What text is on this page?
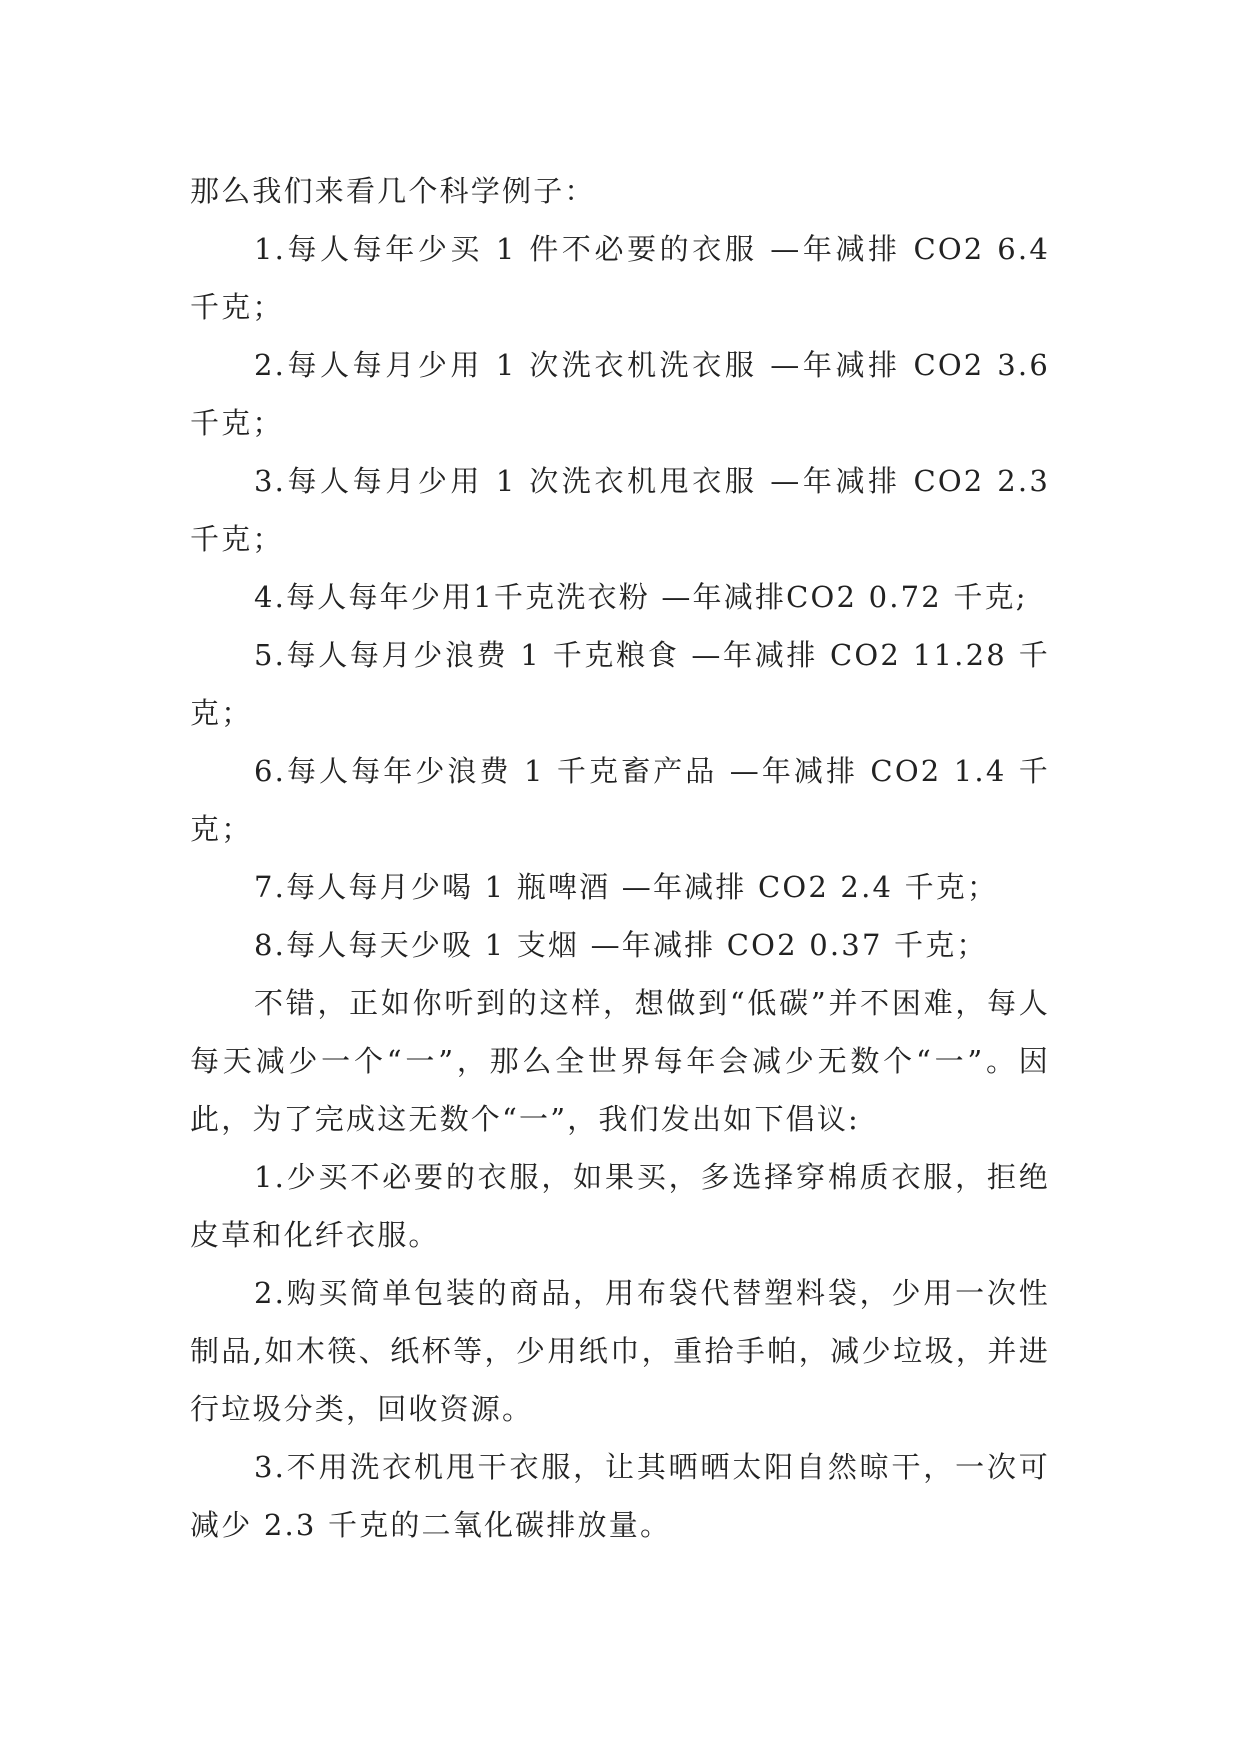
那么我们来看几个科学例子：

1.每人每年少买 1 件不必要的衣服 —年减排 CO2 6.4 千克；

2.每人每月少用 1 次洗衣机洗衣服 —年减排 CO2 3.6 千克；

3.每人每月少用 1 次洗衣机甩衣服 —年减排 CO2 2.3 千克；

4.每人每年少用1千克洗衣粉 —年减排CO2 0.72 千克;

5.每人每月少浪费 1 千克粮食 —年减排 CO2 11.28 千克；

6.每人每年少浪费 1 千克畜产品 —年减排 CO2 1.4 千克；

7.每人每月少喝 1 瓶啤酒 —年减排 CO2 2.4 千克；

8.每人每天少吸 1 支烟 —年减排 CO2 0.37 千克；

不错，正如你听到的这样，想做到“低碳”并不困难，每人每天减少一个“一”，那么全世界每年会减少无数个“一”。因此，为了完成这无数个“一”，我们发出如下倡议:

1.少买不必要的衣服，如果买，多选择穿棉质衣服，拒绝皮草和化纤衣服。

2.购买简单包装的商品，用布袋代替塑料袋，少用一次性制品,如木筷、纸杯等，少用纸巾，重拾手帕，减少垃圾，并进行垃圾分类，回收资源。

3.不用洗衣机甩干衣服，让其晒晒太阳自然晾干，一次可减少 2.3 千克的二氧化碳排放量。
